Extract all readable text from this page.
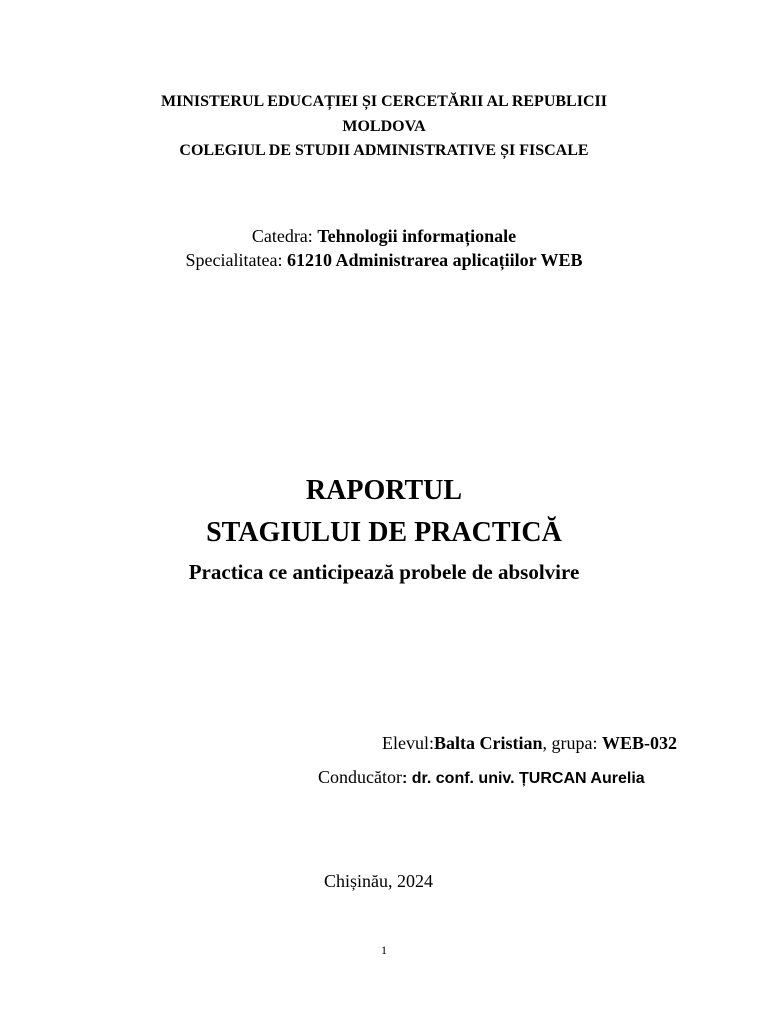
MINISTERUL EDUCAȚIEI ȘI CERCETĂRII AL REPUBLICII
MOLDOVA
COLEGIUL DE STUDII ADMINISTRATIVE ȘI FISCALE
Catedra: Tehnologii informaționale
Specialitatea: 61210 Administrarea aplicațiilor WEB
RAPORTUL
STAGIULUI DE PRACTICĂ
Practica ce anticipează probele de absolvire
Elevul:Balta Cristian, grupa: WEB-032
Conducător: dr. conf. univ. ȚURCAN Aurelia
Chișinău, 2024
1
